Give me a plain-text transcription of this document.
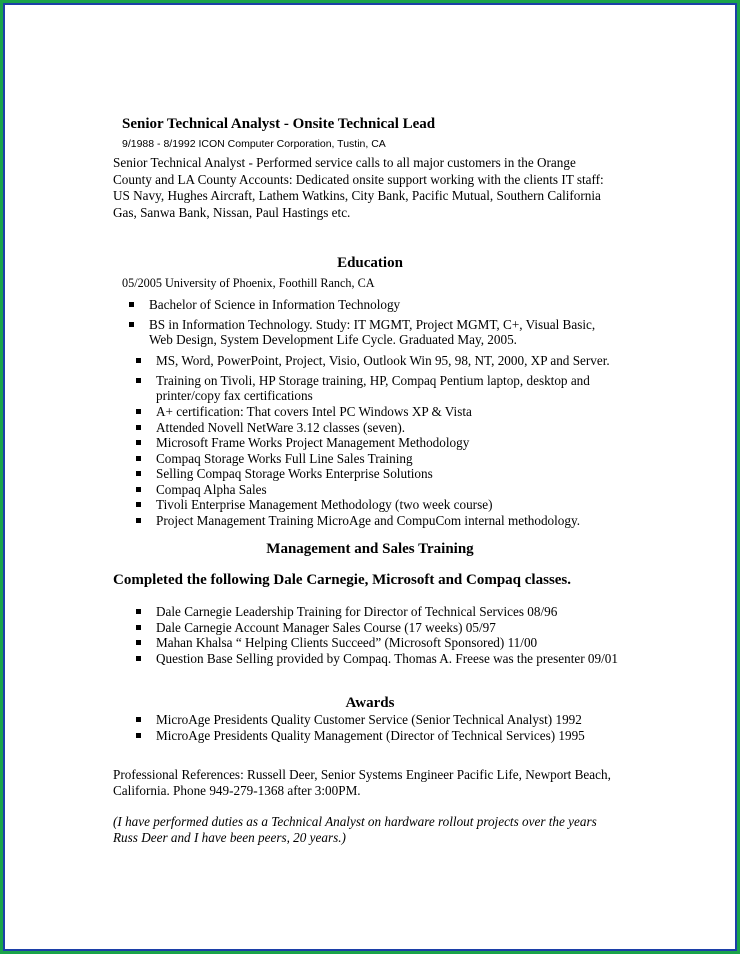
Senior Technical Analyst - Onsite Technical Lead
9/1988 - 8/1992 ICON Computer Corporation, Tustin, CA
Senior Technical Analyst - Performed service calls to all major customers in the Orange County and LA County Accounts: Dedicated onsite support working with the clients IT staff: US Navy, Hughes Aircraft, Lathem Watkins, City Bank, Pacific Mutual, Southern California Gas, Sanwa Bank, Nissan, Paul Hastings etc.
Education
05/2005 University of Phoenix, Foothill Ranch, CA
Bachelor of Science in Information Technology
BS in Information Technology. Study: IT MGMT, Project MGMT, C+, Visual Basic, Web Design, System Development Life Cycle. Graduated May, 2005.
MS, Word, PowerPoint, Project, Visio, Outlook Win 95, 98, NT, 2000, XP and Server.
Training on Tivoli, HP Storage training, HP, Compaq Pentium laptop, desktop and printer/copy fax certifications
A+ certification: That covers Intel PC Windows XP & Vista
Attended Novell NetWare 3.12 classes (seven).
Microsoft Frame Works Project Management Methodology
Compaq Storage Works Full Line Sales Training
Selling Compaq Storage Works Enterprise Solutions
Compaq Alpha Sales
Tivoli Enterprise Management Methodology (two week course)
Project Management Training MicroAge and CompuCom internal methodology.
Management and Sales Training
Completed the following Dale Carnegie, Microsoft and Compaq classes.
Dale Carnegie Leadership Training for Director of Technical Services 08/96
Dale Carnegie Account Manager Sales Course (17 weeks) 05/97
Mahan Khalsa “ Helping Clients Succeed” (Microsoft Sponsored) 11/00
Question Base Selling provided by Compaq. Thomas A. Freese was the presenter 09/01
Awards
MicroAge Presidents Quality Customer Service (Senior Technical Analyst) 1992
MicroAge Presidents Quality Management (Director of Technical Services) 1995
Professional References: Russell Deer, Senior Systems Engineer Pacific Life, Newport Beach, California. Phone 949-279-1368 after 3:00PM.
(I have performed duties as a Technical Analyst on hardware rollout projects over the years Russ Deer and I have been peers, 20 years.)
